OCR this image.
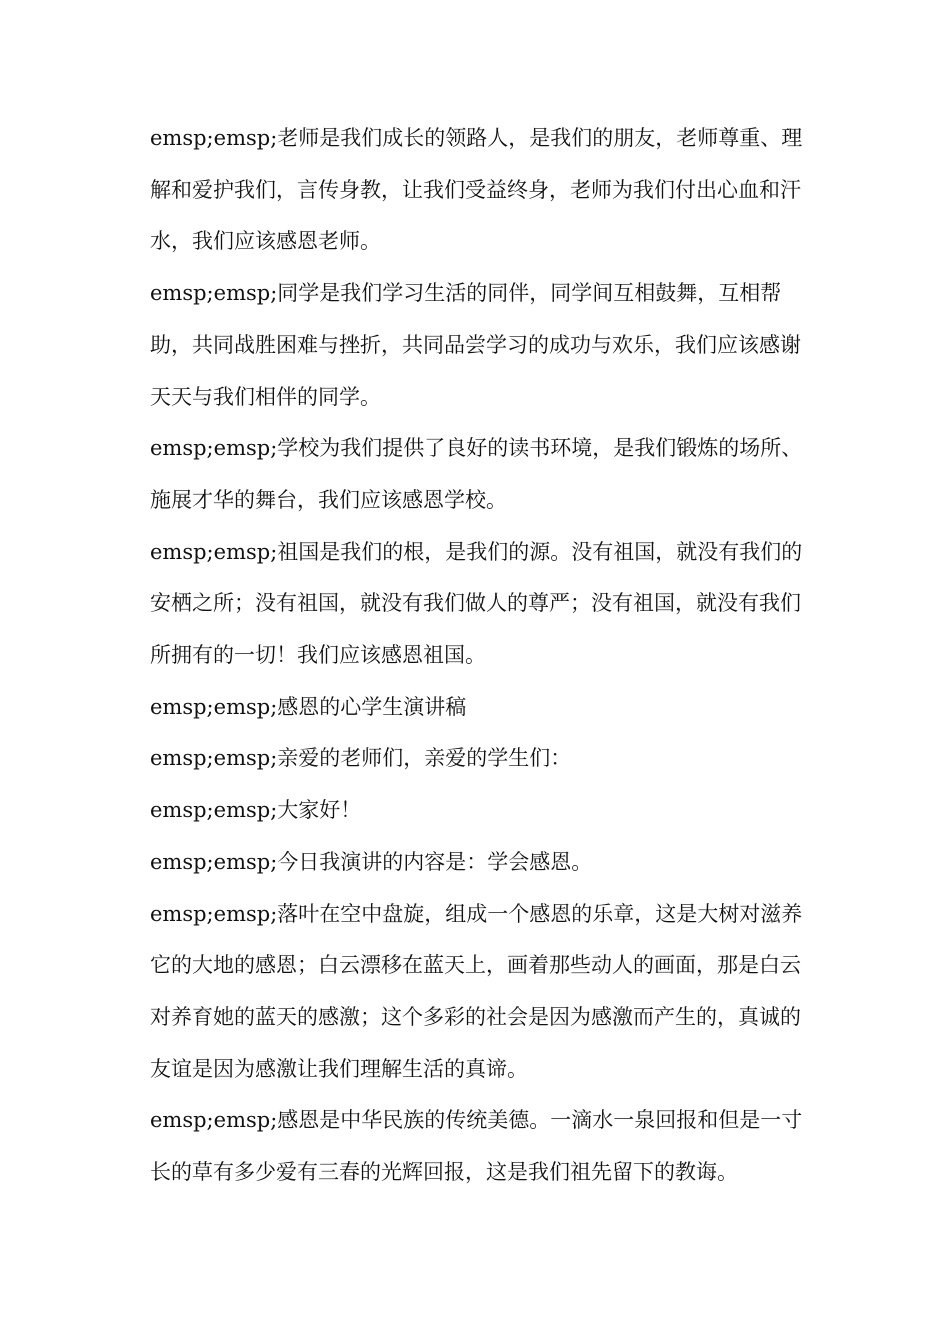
emsp;emsp;老师是我们成长的领路人，是我们的朋友，老师尊重、理解和爱护我们，言传身教，让我们受益终身，老师为我们付出心血和汗水，我们应该感恩老师。

emsp;emsp;同学是我们学习生活的同伴，同学间互相鼓舞，互相帮助，共同战胜困难与挫折，共同品尝学习的成功与欢乐，我们应该感谢天天与我们相伴的同学。

emsp;emsp;学校为我们提供了良好的读书环境，是我们锻炼的场所、施展才华的舞台，我们应该感恩学校。

emsp;emsp;祖国是我们的根，是我们的源。没有祖国，就没有我们的安栖之所；没有祖国，就没有我们做人的尊严；没有祖国，就没有我们所拥有的一切！我们应该感恩祖国。

emsp;emsp;感恩的心学生演讲稿

emsp;emsp;亲爱的老师们，亲爱的学生们：

emsp;emsp;大家好！

emsp;emsp;今日我演讲的内容是：学会感恩。

emsp;emsp;落叶在空中盘旋，组成一个感恩的乐章，这是大树对滋养它的大地的感恩；白云漂移在蓝天上，画着那些动人的画面，那是白云对养育她的蓝天的感激；这个多彩的社会是因为感激而产生的，真诚的友谊是因为感激让我们理解生活的真谛。

emsp;emsp;感恩是中华民族的传统美德。一滴水一泉回报和但是一寸长的草有多少爱有三春的光辉回报，这是我们祖先留下的教诲。
